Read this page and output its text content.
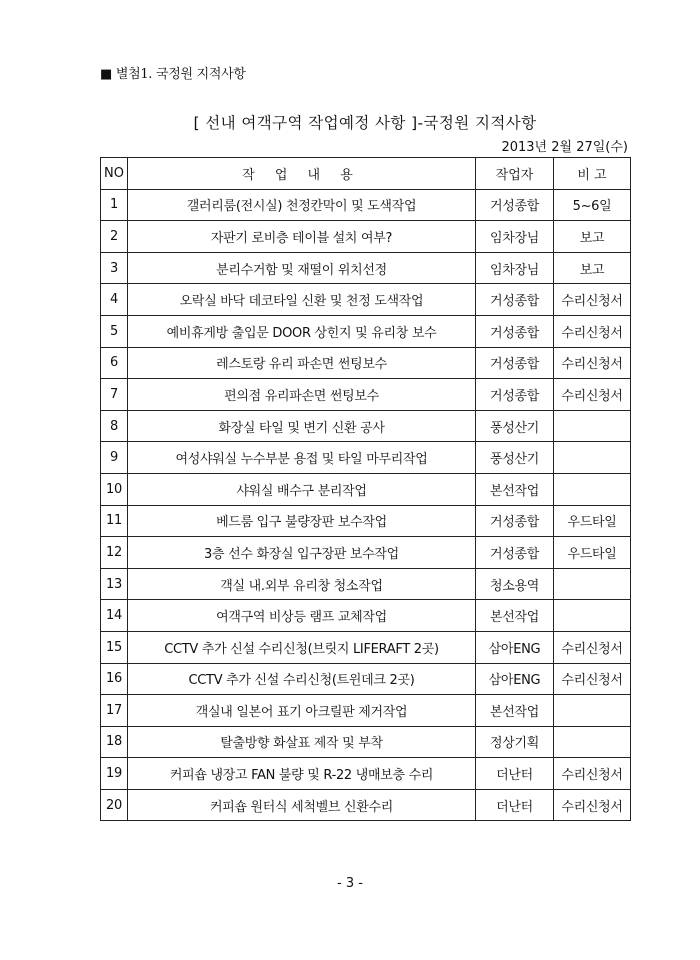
■ 별첨1. 국정원 지적사항
[ 선내 여객구역 작업예정 사항 ]-국정원 지적사항
2013년 2월 27일(수)
NO	작 업 내 용	작업자	비 고
1	갤러리룸(전시실) 천정칸막이 및 도색작업	거성종합	5~6일
2	자판기 로비층 테이블 설치 여부?	임차장님	보고
3	분리수거함 및 재떨이 위치선정	임차장님	보고
4	오락실 바닥 데코타일 신환 및 천정 도색작업	거성종합	수리신청서
5	예비휴게방 출입문 DOOR 상힌지 및 유리창 보수	거성종합	수리신청서
6	레스토랑 유리 파손면 썬팅보수	거성종합	수리신청서
7	편의점 유리파손면 썬팅보수	거성종합	수리신청서
8	화장실 타일 및 변기 신환 공사	풍성산기	
9	여성샤워실 누수부분 용접 및 타일 마무리작업	풍성산기	
10	샤워실 배수구 분리작업	본선작업	
11	베드룸 입구 불량장판 보수작업	거성종합	우드타일
12	3층 선수 화장실 입구장판 보수작업	거성종합	우드타일
13	객실 내.외부 유리창 청소작업	청소용역	
14	여객구역 비상등 램프 교체작업	본선작업	
15	CCTV 추가 신설 수리신청(브릿지 LIFERAFT 2곳)	삼아ENG	수리신청서
16	CCTV 추가 신설 수리신청(트윈데크 2곳)	삼아ENG	수리신청서
17	객실내 일본어 표기 아크릴판 제거작업	본선작업	
18	탈출방향 화살표 제작 및 부착	정상기획	
19	커피숍 냉장고 FAN 불량 및 R-22 냉매보충 수리	더난터	수리신청서
20	커피숍 원터식 세척벨브 신환수리	더난터	수리신청서
- 3 -
